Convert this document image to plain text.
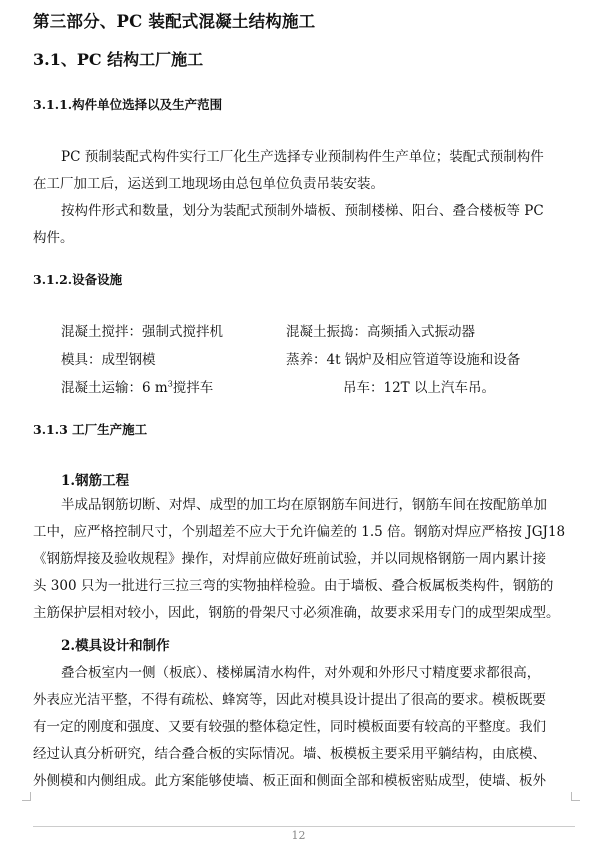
第三部分、PC 装配式混凝土结构施工
3.1、PC 结构工厂施工
3.1.1.构件单位选择以及生产范围
PC 预制装配式构件实行工厂化生产选择专业预制构件生产单位；装配式预制构件
在工厂加工后，运送到工地现场由总包单位负责吊装安装。
按构件形式和数量，划分为装配式预制外墙板、预制楼梯、阳台、叠合楼板等 PC
构件。
3.1.2.设备设施
混凝土搅拌：强制式搅拌机	混凝土振捣：高频插入式振动器
模具：成型钢模	蒸养：4t 锅炉及相应管道等设施和设备
混凝土运输：6 $m^3$搅拌车	吊车：12T 以上汽车吊。
3.1.3 工厂生产施工
1.钢筋工程
半成品钢筋切断、对焊、成型的加工均在原钢筋车间进行，钢筋车间在按配筋单加
工中，应严格控制尺寸，个别超差不应大于允许偏差的 1.5 倍。钢筋对焊应严格按 JGJ18
《钢筋焊接及验收规程》操作，对焊前应做好班前试验，并以同规格钢筋一周内累计接
头 300 只为一批进行三拉三弯的实物抽样检验。由于墙板、叠合板属板类构件，钢筋的
主筋保护层相对较小，因此，钢筋的骨架尺寸必须准确，故要求采用专门的成型架成型。
2.模具设计和制作
叠合板室内一侧（板底）、楼梯属清水构件，对外观和外形尺寸精度要求都很高，
外表应光洁平整，不得有疏松、蜂窝等，因此对模具设计提出了很高的要求。模板既要
有一定的刚度和强度、又要有较强的整体稳定性，同时模板面要有较高的平整度。我们
经过认真分析研究，结合叠合板的实际情况。墙、板模板主要采用平躺结构，由底模、
外侧模和内侧组成。此方案能够使墙、板正面和侧面全部和模板密贴成型，使墙、板外
12
